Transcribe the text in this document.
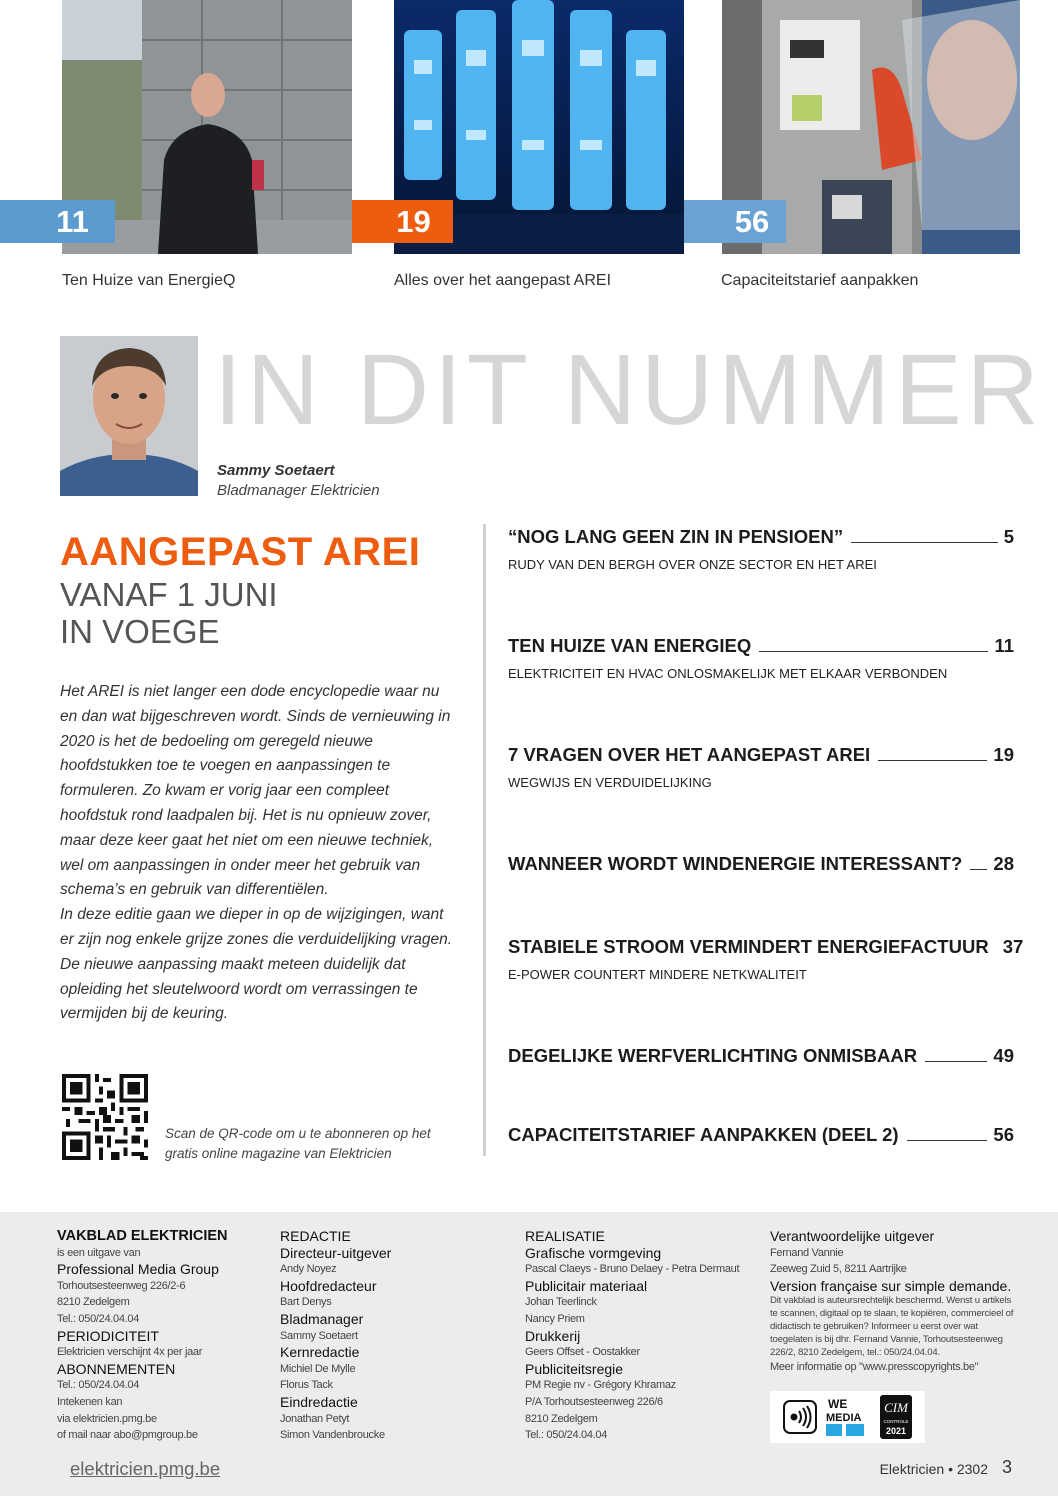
11	19	56
Ten Huize van EnergieQ	Alles over het aangepast AREI	Capaciteitstarief aanpakken
IN DIT NUMMER
Sammy Soetaert
Bladmanager Elektricien
AANGEPAST AREI
VANAF 1 JUNI
IN VOEGE

Het AREI is niet langer een dode encyclopedie waar nu en dan wat bijgeschreven wordt. Sinds de vernieuwing in 2020 is het de bedoeling om geregeld nieuwe hoofdstukken toe te voegen en aanpassingen te formuleren. Zo kwam er vorig jaar een compleet hoofdstuk rond laadpalen bij. Het is nu opnieuw zover, maar deze keer gaat het niet om een nieuwe techniek, wel om aanpassingen in onder meer het gebruik van schema’s en gebruik van differentiëlen.

In deze editie gaan we dieper in op de wijzigingen, want er zijn nog enkele grijze zones die verduidelijking vragen.

De nieuwe aanpassing maakt meteen duidelijk dat opleiding het sleutelwoord wordt om verrassingen te vermijden bij de keuring.

Scan de QR-code om u te abonneren op het gratis online magazine van Elektricien
“NOG LANG GEEN ZIN IN PENSIOEN”	5
RUDY VAN DEN BERGH OVER ONZE SECTOR EN HET AREI
TEN HUIZE VAN ENERGIEQ	11
ELEKTRICITEIT EN HVAC ONLOSMAKELIJK MET ELKAAR VERBONDEN
7 VRAGEN OVER HET AANGEPAST AREI	19
WEGWIJS EN VERDUIDELIJKING
WANNEER WORDT WINDENERGIE INTERESSANT? 28
STABIELE STROOM VERMINDERT ENERGIEFACTUUR 37
E-POWER COUNTERT MINDERE NETKWALITEIT
DEGELIJKE WERFVERLICHTING ONMISBAAR	49
CAPACITEITSTARIEF AANPAKKEN (DEEL 2)	56
VAKBLAD ELEKTRICIEN
is een uitgave van
Professional Media Group
Torhoutsesteenweg 226/2-6
8210 Zedelgem
Tel.: 050/24.04.04
PERIODICITEIT
Elektricien verschijnt 4x per jaar
ABONNEMENTEN
Tel.: 050/24.04.04
Intekenen kan
via elektricien.pmg.be
of mail naar abo@pmgroup.be
REDACTIE
Directeur-uitgever
Andy Noyez
Hoofdredacteur
Bart Denys
Bladmanager
Sammy Soetaert
Kernredactie
Michiel De Mylle
Florus Tack
Eindredactie
Jonathan Petyt
Simon Vandenbroucke
REALISATIE
Grafische vormgeving
Pascal Claeys - Bruno Delaey - Petra Dermaut
Publicitair materiaal
Johan Teerlinck
Nancy Priem
Drukkerij
Geers Offset - Oostakker
Publiciteitsregie
PM Regie nv - Grégory Khramaz
P/A Torhoutsesteenweg 226/6
8210 Zedelgem
Tel.: 050/24.04.04
Verantwoordelijke uitgever
Fernand Vannie
Zeeweg Zuid 5, 8211 Aartrijke
Version française sur simple demande.
Dit vakblad is auteursrechtelijk beschermd. Wenst u artikels te scannen, digitaal op te slaan, te kopiëren, commercieel of didactisch te gebruiken? Informeer u eerst over wat toegelaten is bij dhr. Fernand Vannie, Torhoutsesteenweg 226/2, 8210 Zedelgem, tel.: 050/24.04.04.
Meer informatie op "www.presscopyrights.be"
WE
MEDIA
CIM
CONTROLE
2021
elektricien.pmg.be	Elektricien • 2302 3
